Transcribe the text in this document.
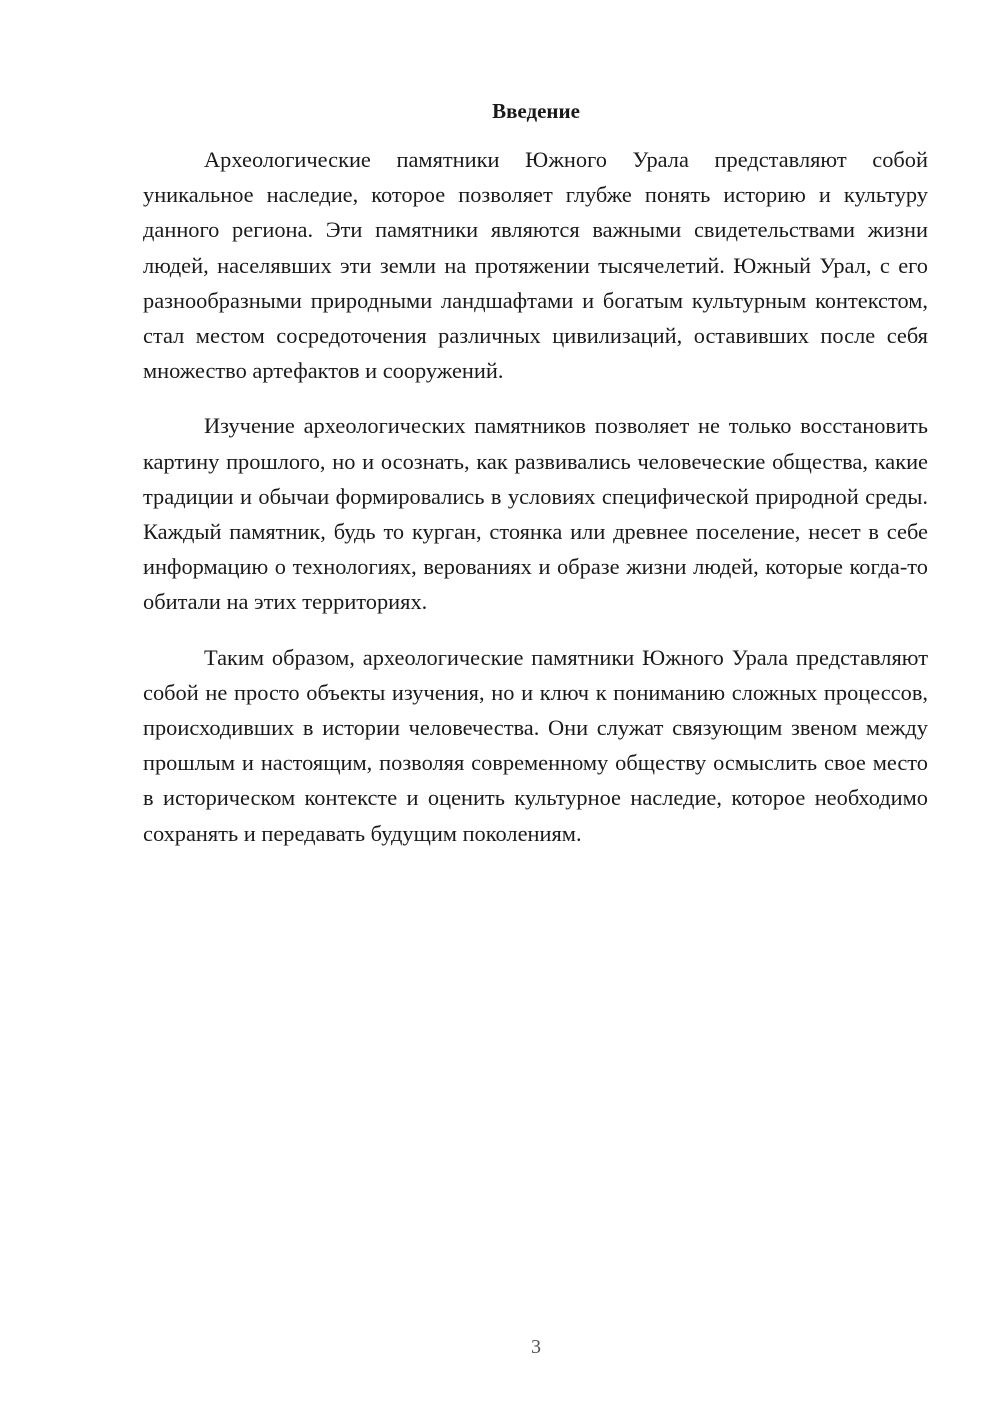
Введение

Археологические памятники Южного Урала представляют собой уникальное наследие, которое позволяет глубже понять историю и культуру данного региона. Эти памятники являются важными свидетельствами жизни людей, населявших эти земли на протяжении тысячелетий. Южный Урал, с его разнообразными природными ландшафтами и богатым культурным контекстом, стал местом сосредоточения различных цивилизаций, оставивших после себя множество артефактов и сооружений.

Изучение археологических памятников позволяет не только восстановить картину прошлого, но и осознать, как развивались человеческие общества, какие традиции и обычаи формировались в условиях специфической природной среды. Каждый памятник, будь то курган, стоянка или древнее поселение, несет в себе информацию о технологиях, верованиях и образе жизни людей, которые когда-то обитали на этих территориях.

Таким образом, археологические памятники Южного Урала представляют собой не просто объекты изучения, но и ключ к пониманию сложных процессов, происходивших в истории человечества. Они служат связующим звеном между прошлым и настоящим, позволяя современному обществу осмыслить свое место в историческом контексте и оценить культурное наследие, которое необходимо сохранять и передавать будущим поколениям.

3
